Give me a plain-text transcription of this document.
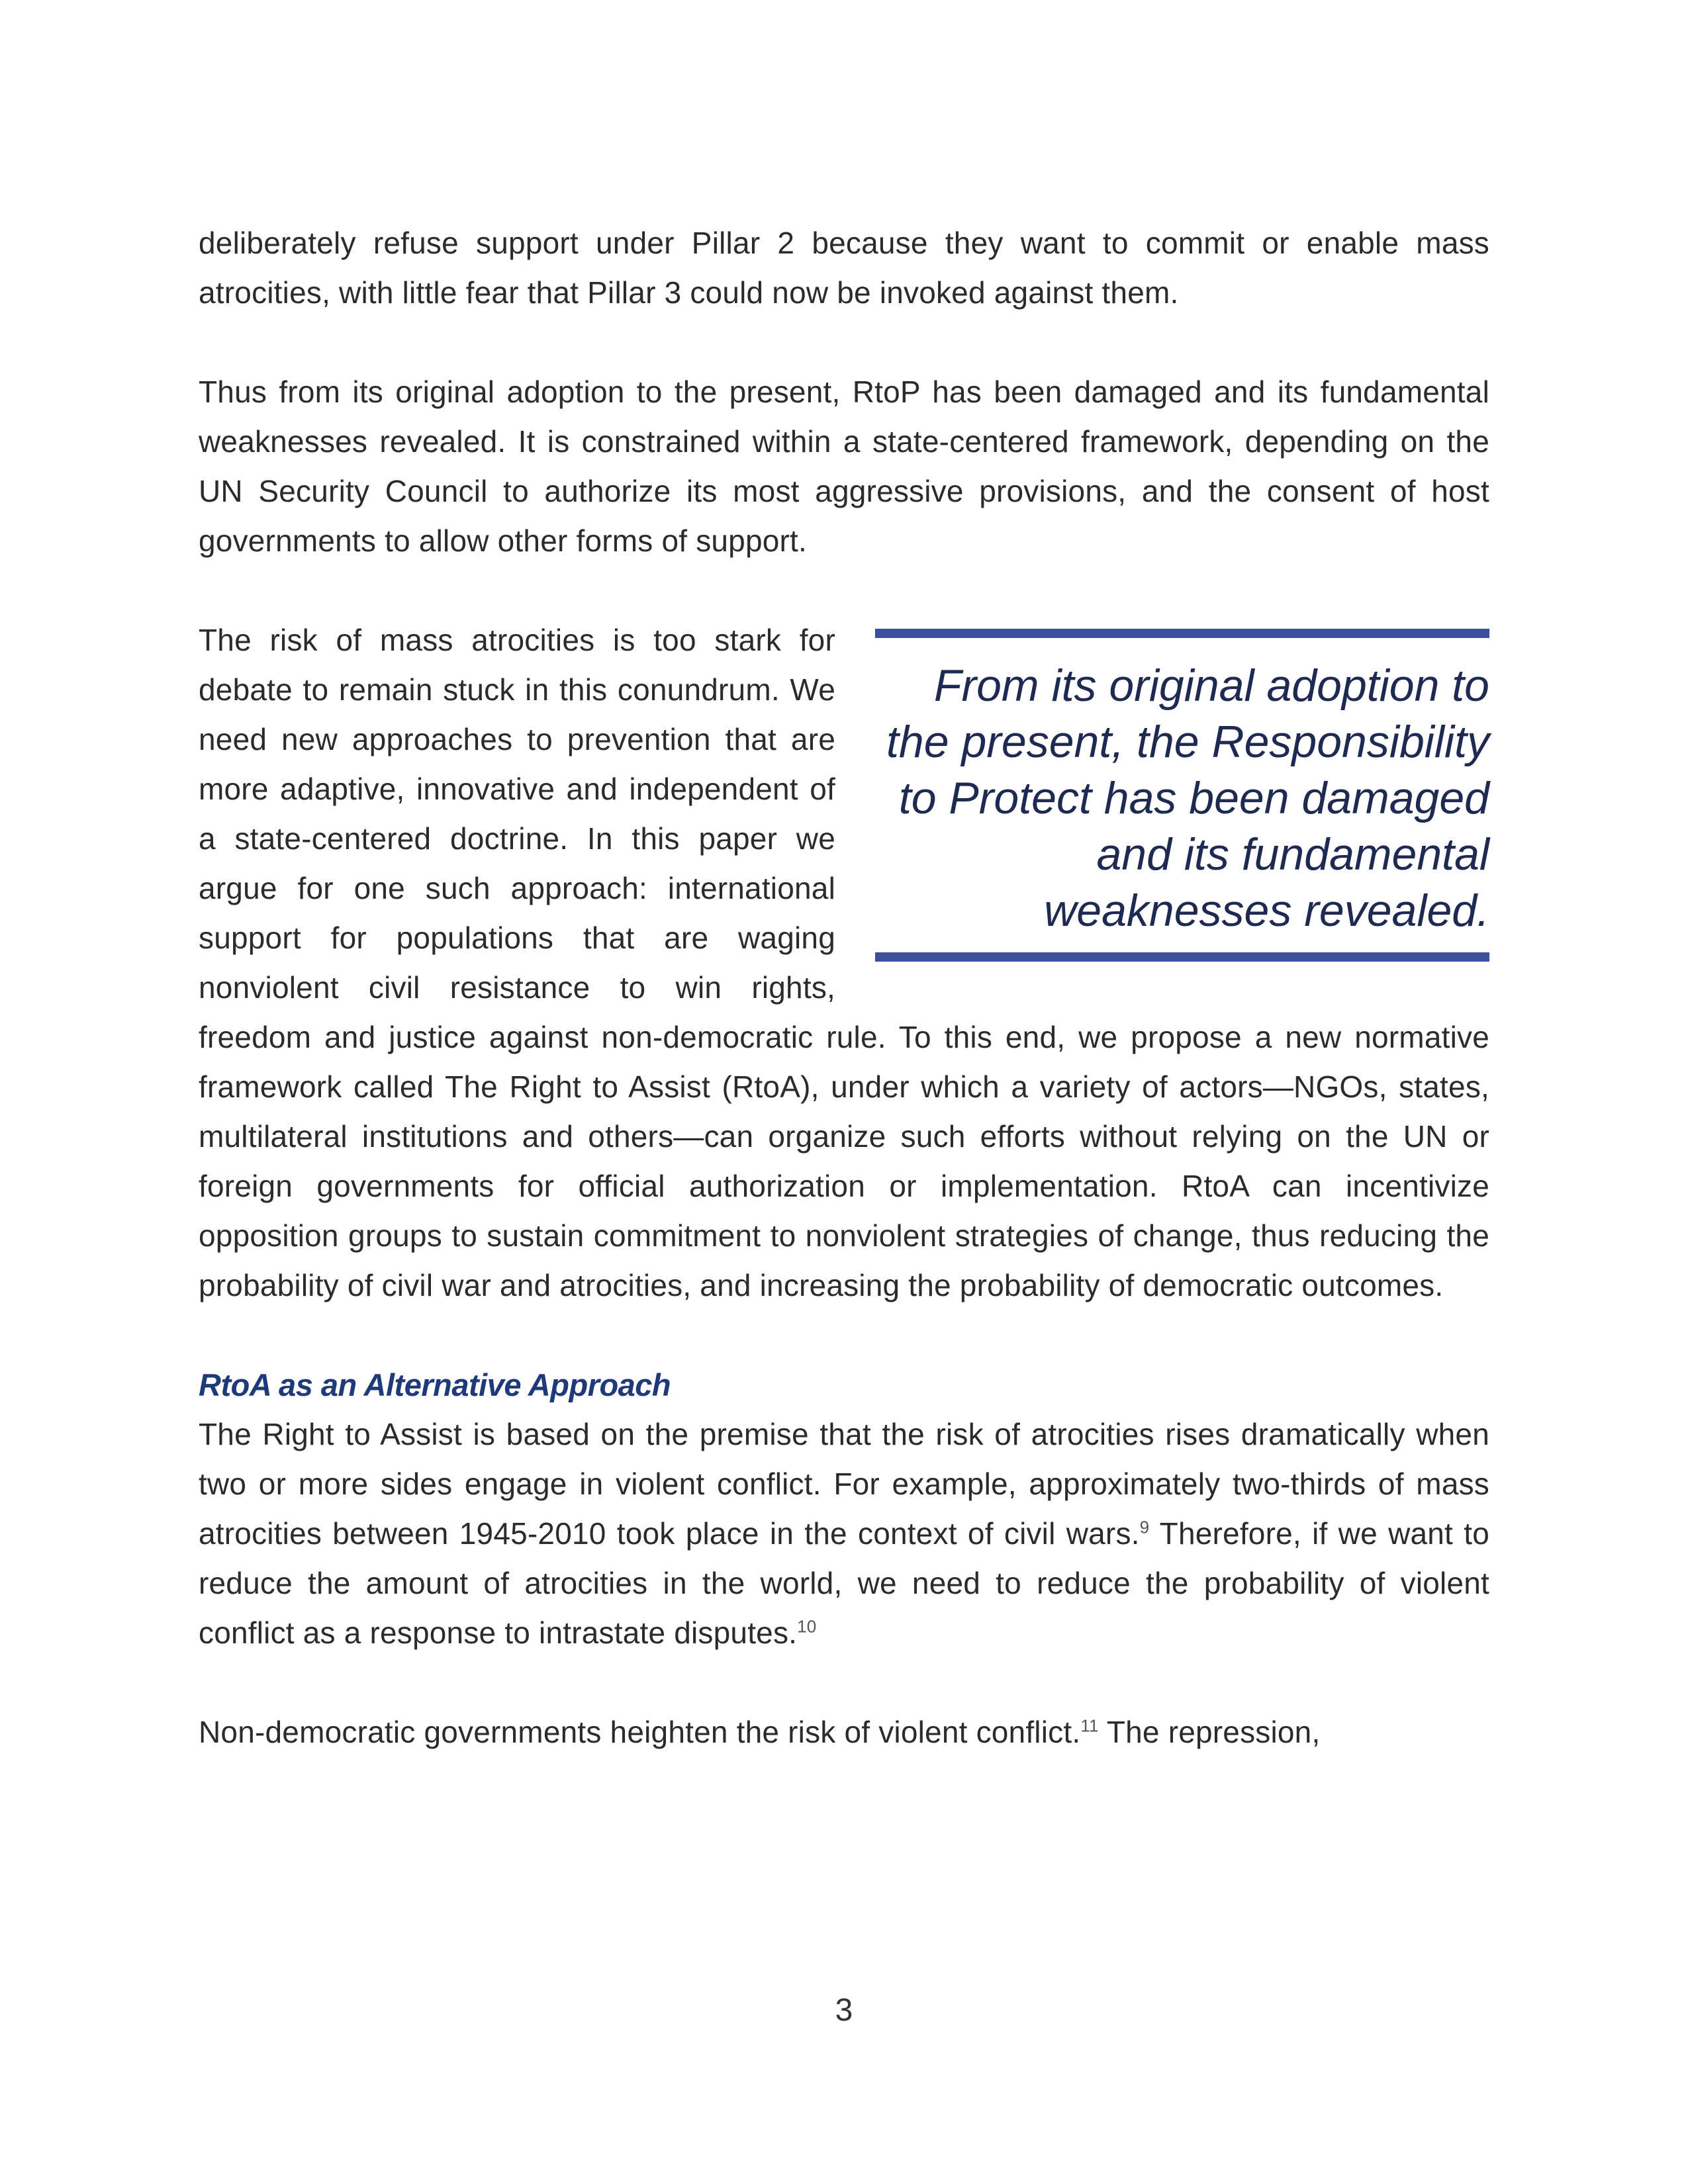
deliberately refuse support under Pillar 2 because they want to commit or enable mass atrocities, with little fear that Pillar 3 could now be invoked against them.

Thus from its original adoption to the present, RtoP has been damaged and its fundamental weaknesses revealed. It is constrained within a state-centered framework, depending on the UN Security Council to authorize its most aggressive provisions, and the consent of host governments to allow other forms of support.

From its original adoption to the present, the Responsibility to Protect has been damaged and its fundamental weaknesses revealed.

The risk of mass atrocities is too stark for debate to remain stuck in this conundrum. We need new approaches to prevention that are more adaptive, innovative and independent of a state-centered doctrine. In this paper we argue for one such approach: international support for populations that are waging nonviolent civil resistance to win rights, freedom and justice against non-democratic rule. To this end, we propose a new normative framework called The Right to Assist (RtoA), under which a variety of actors—NGOs, states, multilateral institutions and others—can organize such efforts without relying on the UN or foreign governments for official authorization or implementation. RtoA can incentivize opposition groups to sustain commitment to nonviolent strategies of change, thus reducing the probability of civil war and atrocities, and increasing the probability of democratic outcomes.

RtoA as an Alternative Approach

The Right to Assist is based on the premise that the risk of atrocities rises dramatically when two or more sides engage in violent conflict. For example, approximately two-thirds of mass atrocities between 1945-2010 took place in the context of civil wars.$^9$ Therefore, if we want to reduce the amount of atrocities in the world, we need to reduce the probability of violent conflict as a response to intrastate disputes.$^{10}$

Non-democratic governments heighten the risk of violent conflict.$^{11}$ The repression,

3
